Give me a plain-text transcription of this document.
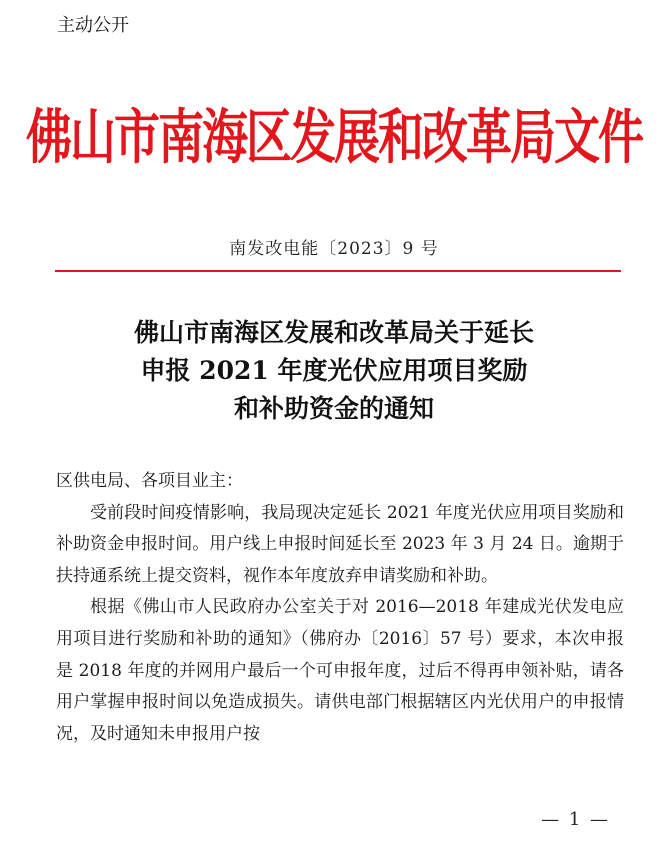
主动公开
佛山市南海区发展和改革局文件
南发改电能〔2023〕9 号
佛山市南海区发展和改革局关于延长
申报 2021 年度光伏应用项目奖励
和补助资金的通知

区供电局、各项目业主：

受前段时间疫情影响，我局现决定延长 2021 年度光伏应用项目奖励和补助资金申报时间。用户线上申报时间延长至 2023 年 3 月 24 日。逾期于扶持通系统上提交资料，视作本年度放弃申请奖励和补助。

根据《佛山市人民政府办公室关于对 2016—2018 年建成光伏发电应用项目进行奖励和补助的通知》（佛府办〔2016〕57 号）要求，本次申报是 2018 年度的并网用户最后一个可申报年度，过后不得再申领补贴，请各用户掌握申报时间以免造成损失。请供电部门根据辖区内光伏用户的申报情况，及时通知未申报用户按

— 1 —
